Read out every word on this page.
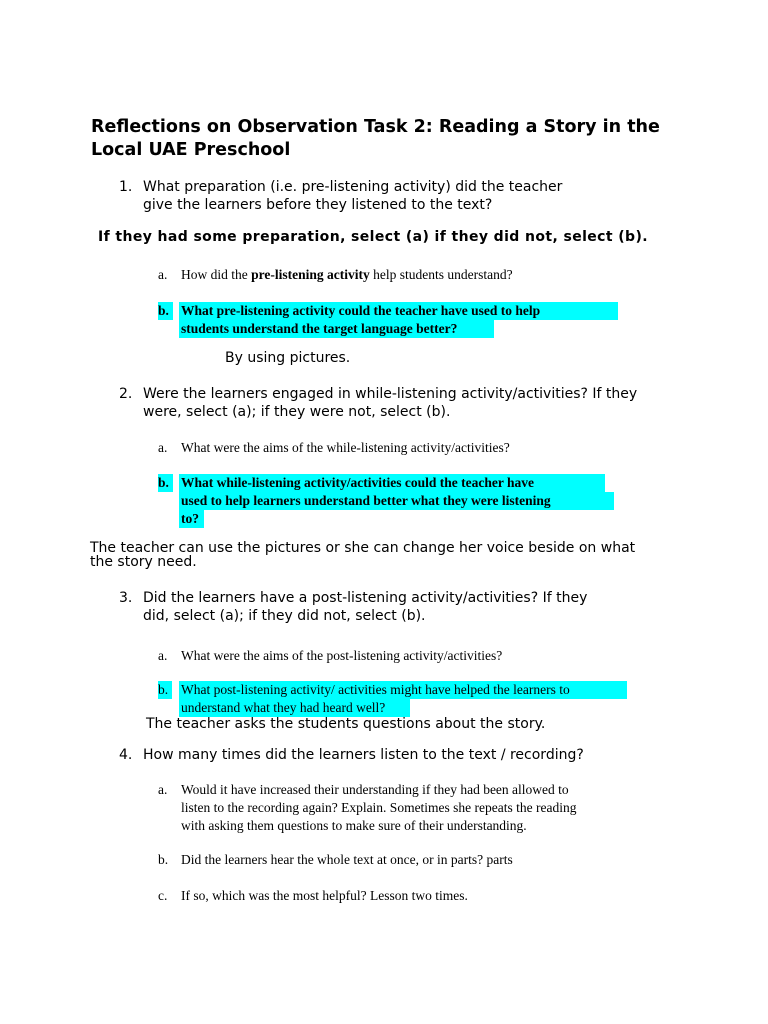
Reflections on Observation Task 2: Reading a Story in the
Local UAE Preschool
1. What preparation (i.e. pre-listening activity) did the teacher
give the learners before they listened to the text?
If they had some preparation, select (a) if they did not, select (b).
a. How did the pre-listening activity help students understand?
b. What pre-listening activity could the teacher have used to help
students understand the target language better?
By using pictures.
2. Were the learners engaged in while-listening activity/activities? If they
were, select (a); if they were not, select (b).
a. What were the aims of the while-listening activity/activities?
b. What while-listening activity/activities could the teacher have
used to help learners understand better what they were listening
to?
The teacher can use the pictures or she can change her voice beside on what
the story need.
3. Did the learners have a post-listening activity/activities? If they
did, select (a); if they did not, select (b).
a. What were the aims of the post-listening activity/activities?
b. What post-listening activity/ activities might have helped the learners to
understand what they had heard well?
The teacher asks the students questions about the story.
4. How many times did the learners listen to the text / recording?
a. Would it have increased their understanding if they had been allowed to
listen to the recording again? Explain. Sometimes she repeats the reading
with asking them questions to make sure of their understanding.
b. Did the learners hear the whole text at once, or in parts? parts
c. If so, which was the most helpful? Lesson two times.
